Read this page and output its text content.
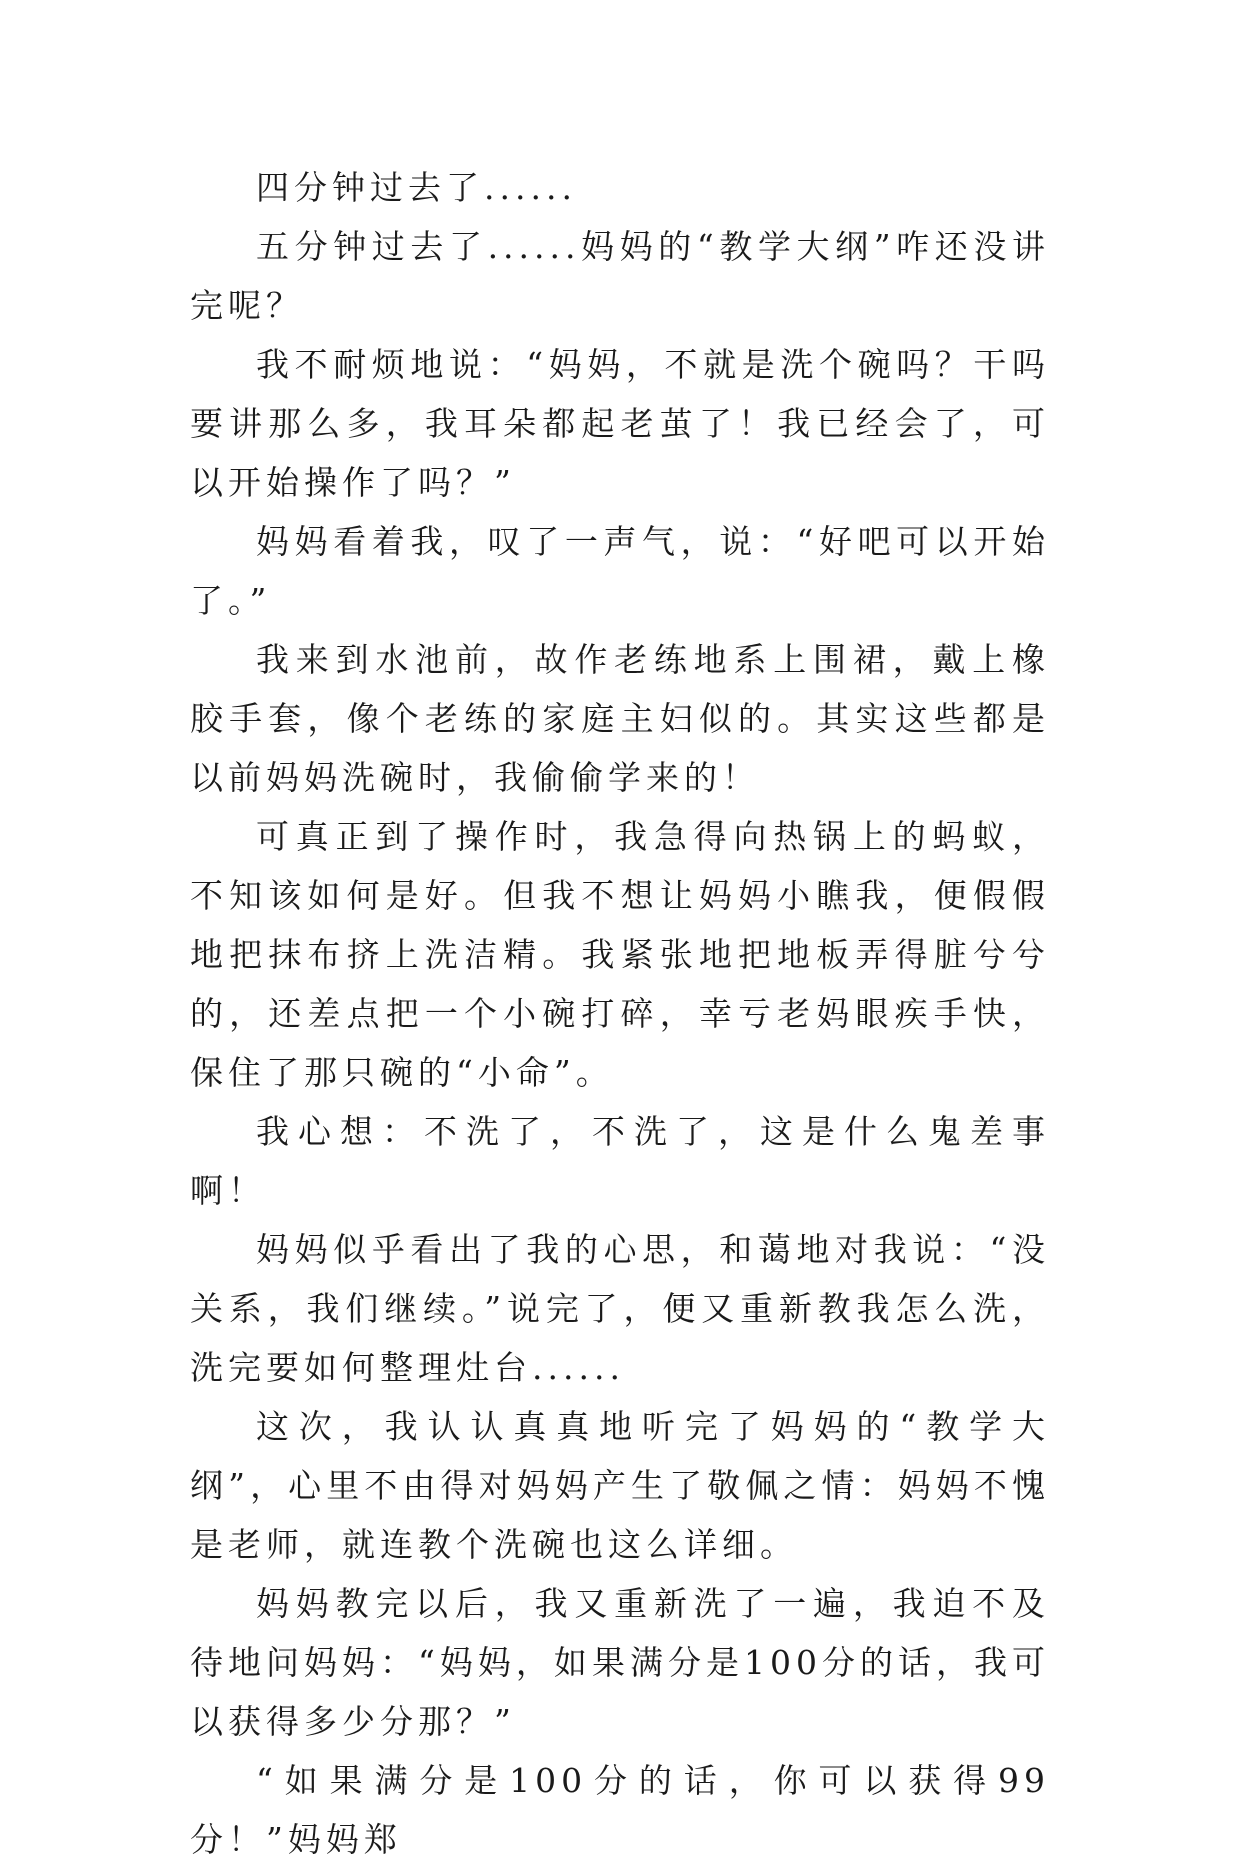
四分钟过去了......

五分钟过去了......妈妈的“教学大纲”咋还没讲完呢？

我不耐烦地说：“妈妈，不就是洗个碗吗？干吗要讲那么多，我耳朵都起老茧了！我已经会了，可以开始操作了吗？”

妈妈看着我，叹了一声气，说：“好吧可以开始了。”

我来到水池前，故作老练地系上围裙，戴上橡胶手套，像个老练的家庭主妇似的。其实这些都是以前妈妈洗碗时，我偷偷学来的！

可真正到了操作时，我急得向热锅上的蚂蚁，不知该如何是好。但我不想让妈妈小瞧我，便假假地把抹布挤上洗洁精。我紧张地把地板弄得脏兮兮的，还差点把一个小碗打碎，幸亏老妈眼疾手快，保住了那只碗的“小命”。

我心想：不洗了，不洗了，这是什么鬼差事啊！

妈妈似乎看出了我的心思，和蔼地对我说：“没关系，我们继续。”说完了，便又重新教我怎么洗，洗完要如何整理灶台......

这次，我认认真真地听完了妈妈的“教学大纲”，心里不由得对妈妈产生了敬佩之情：妈妈不愧是老师，就连教个洗碗也这么详细。

妈妈教完以后，我又重新洗了一遍，我迫不及待地问妈妈：“妈妈，如果满分是100分的话，我可以获得多少分那？”

“如果满分是100分的话，你可以获得99分！”妈妈郑
